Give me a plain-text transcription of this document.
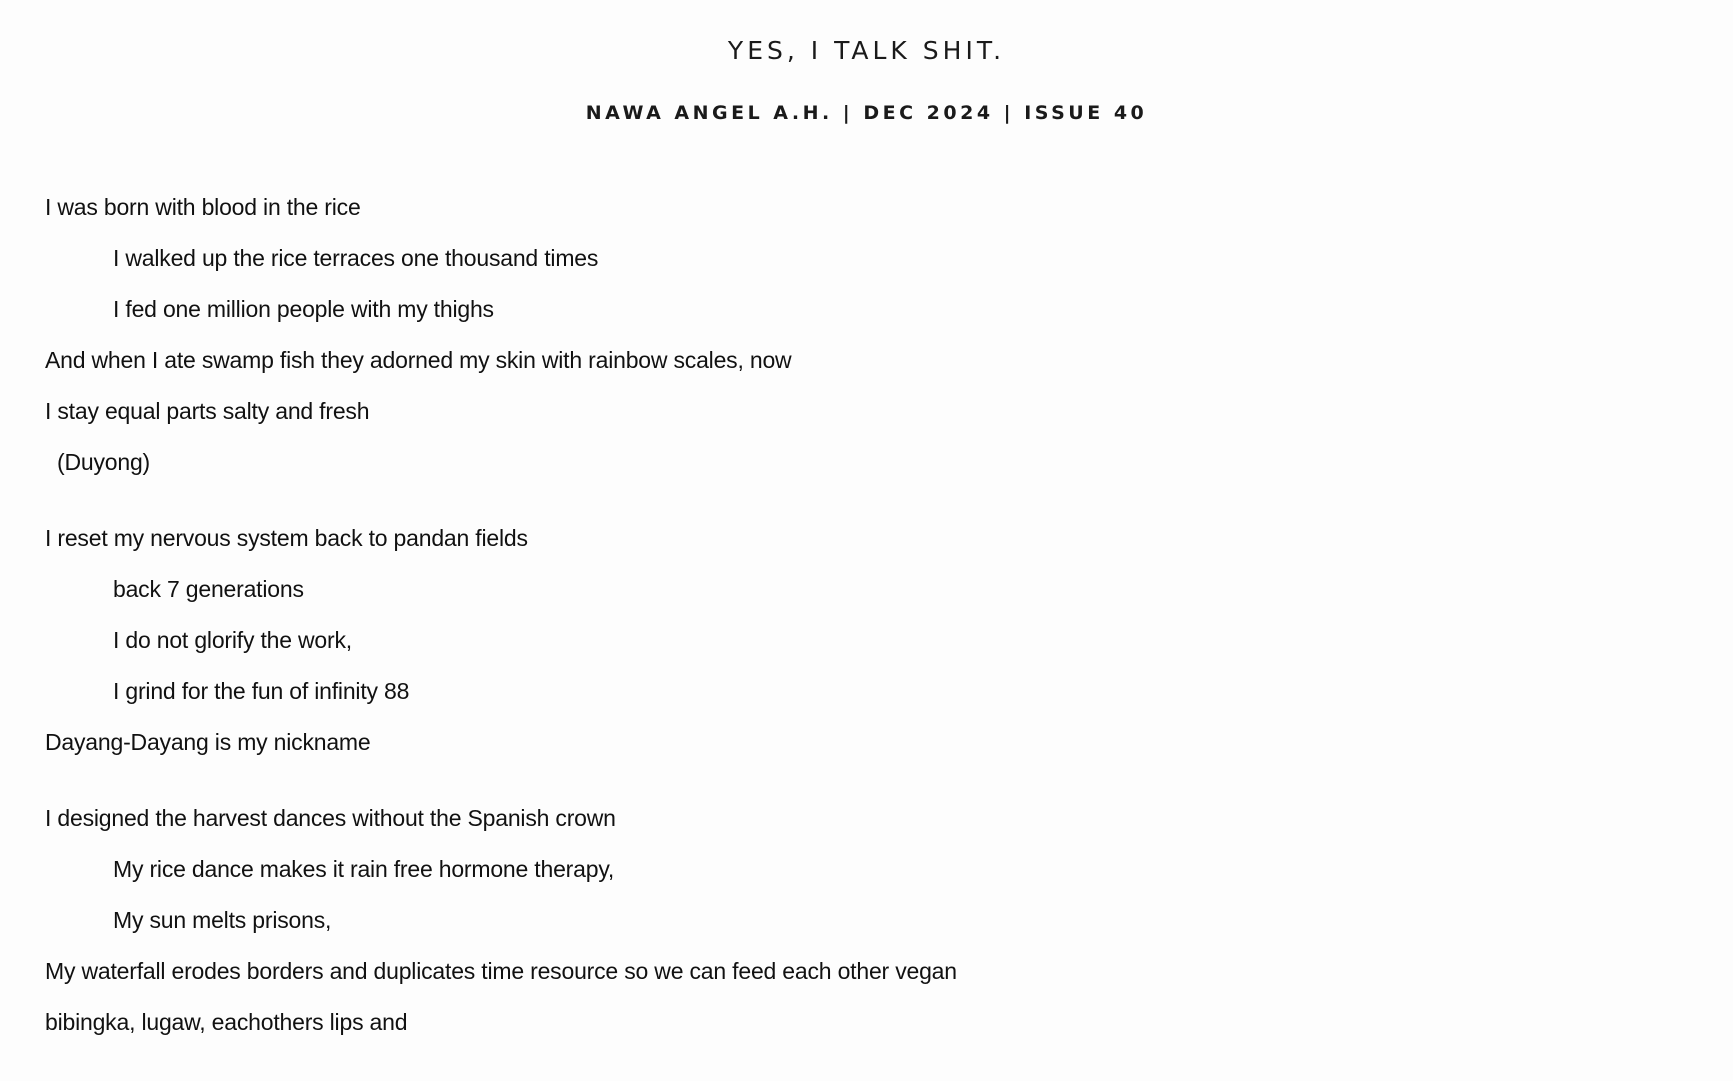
YES, I TALK SHIT.
NAWA ANGEL A.H. | DEC 2024 | ISSUE 40
I was born with blood in the rice
I walked up the rice terraces one thousand times
I fed one million people with my thighs
And when I ate swamp fish they adorned my skin with rainbow scales, now
I stay equal parts salty and fresh
(Duyong)
I reset my nervous system back to pandan fields
back 7 generations
I do not glorify the work,
I grind for the fun of infinity 88
Dayang-Dayang is my nickname
I designed the harvest dances without the Spanish crown
My rice dance makes it rain free hormone therapy,
My sun melts prisons,
My waterfall erodes borders and duplicates time resource so we can feed each other vegan
bibingka, lugaw, eachothers lips and
